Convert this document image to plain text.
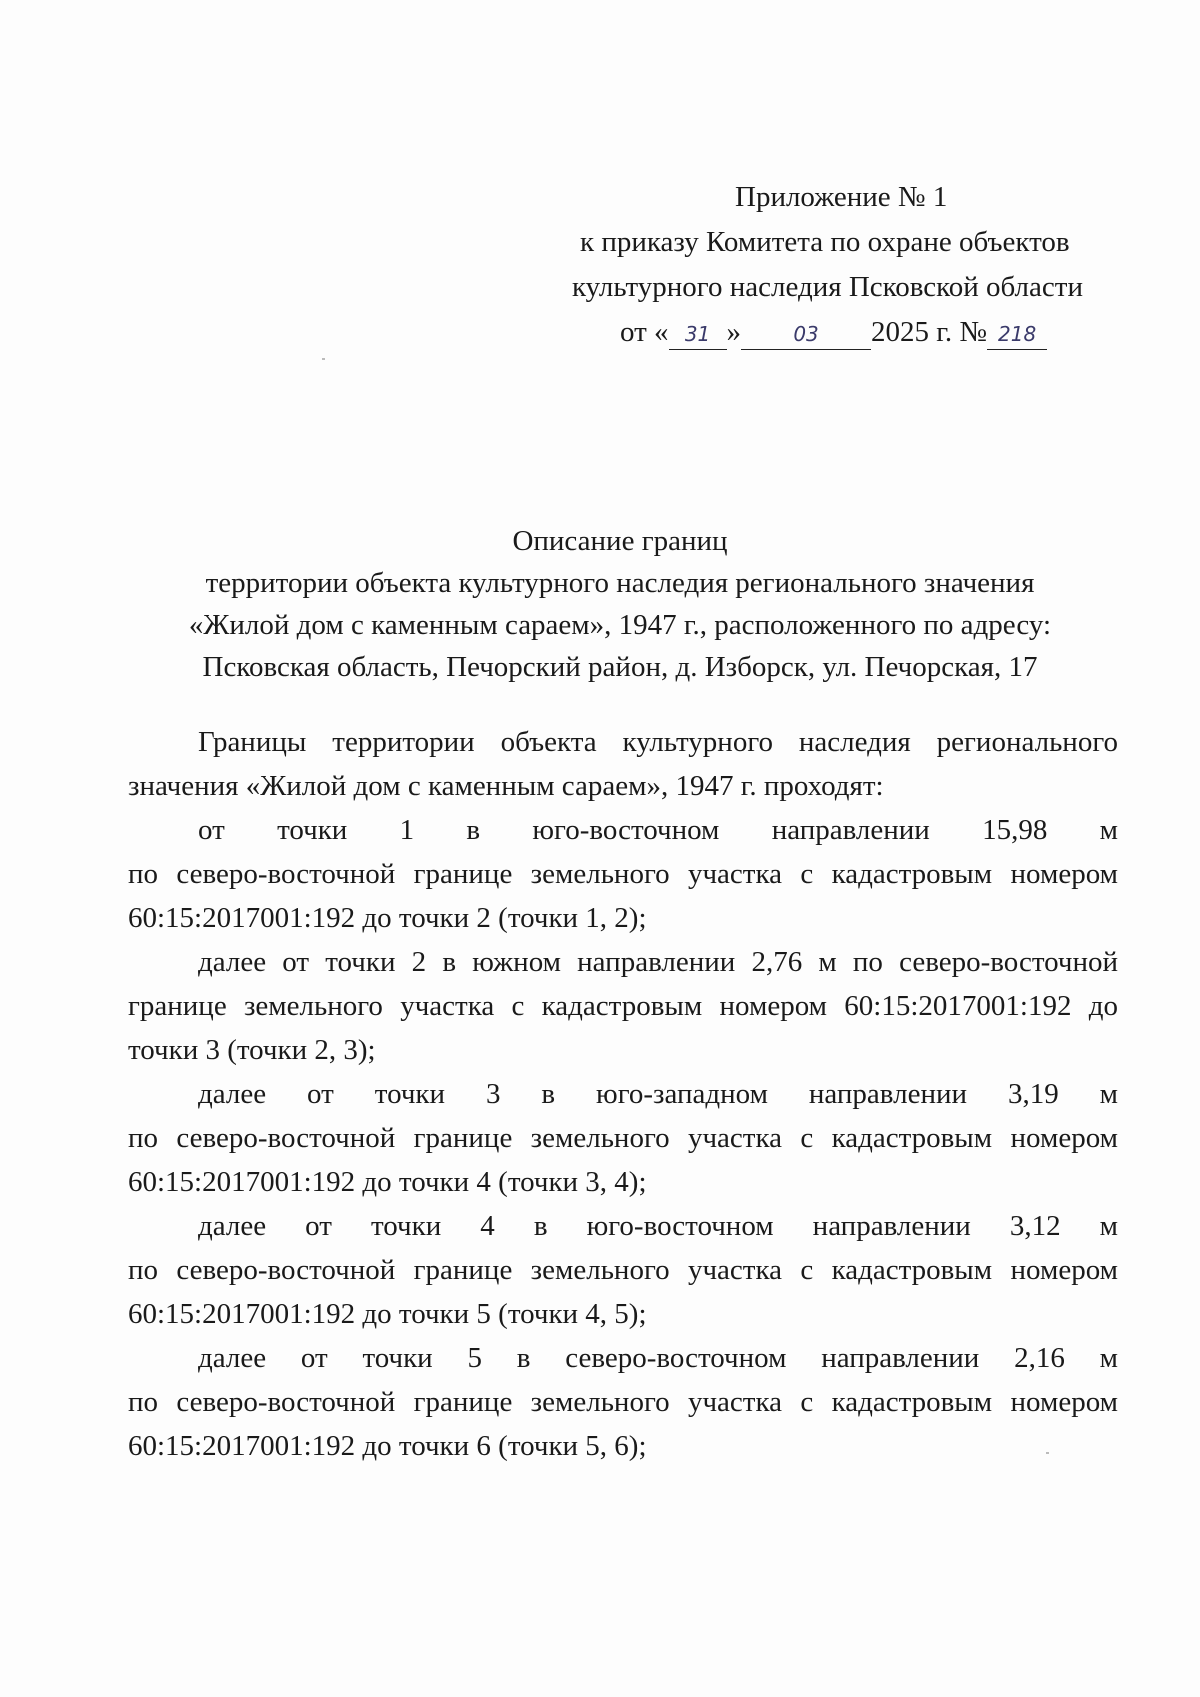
Приложение № 1
к приказу Комитета по охране объектов
культурного наследия Псковской области
от « 31 »	03 2025 г. № 218
Описание границ
территории объекта культурного наследия регионального значения
«Жилой дом с каменным сараем», 1947 г., расположенного по адресу:
Псковская область, Печорский район, д. Изборск, ул. Печорская, 17

Границы территории объекта культурного наследия регионального
значения «Жилой дом с каменным сараем», 1947 г. проходят:

от точки 1 в юго-восточном направлении 15,98 м
по северо-восточной границе земельного участка с кадастровым номером 60:15:2017001:192 до точки 2 (точки 1, 2);

далее от точки 2 в южном направлении 2,76 м по северо-восточной
границе земельного участка с кадастровым номером 60:15:2017001:192 до точки 3 (точки 2, 3);

далее от точки 3 в юго-западном направлении 3,19 м
по северо-восточной границе земельного участка с кадастровым номером 60:15:2017001:192 до точки 4 (точки 3, 4);

далее от точки 4 в юго-восточном направлении 3,12 м
по северо-восточной границе земельного участка с кадастровым номером 60:15:2017001:192 до точки 5 (точки 4, 5);

далее от точки 5 в северо-восточном направлении 2,16 м
по северо-восточной границе земельного участка с кадастровым номером 60:15:2017001:192 до точки 6 (точки 5, 6);
